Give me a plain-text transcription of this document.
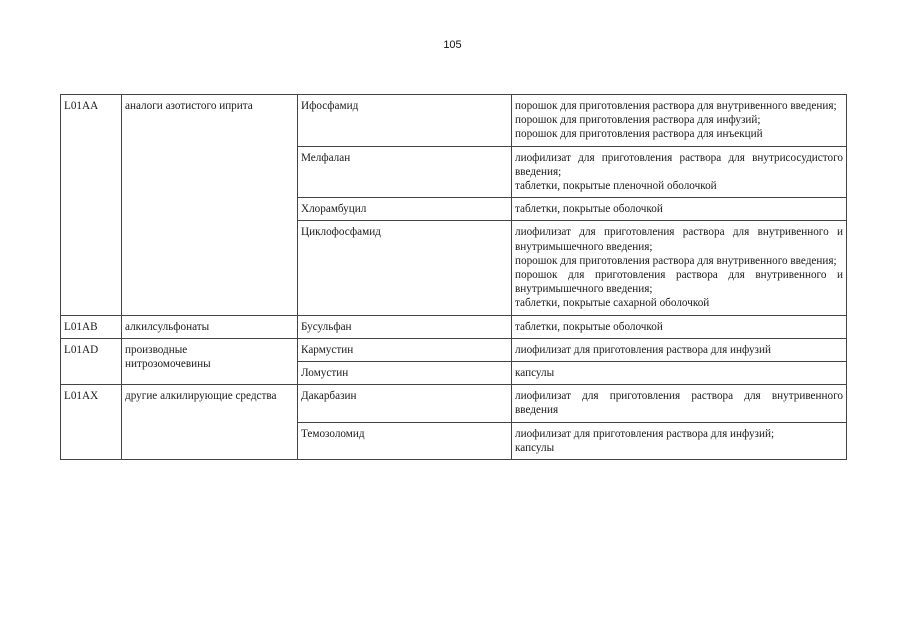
105
L01AA	аналоги азотистого иприта	Ифосфамид	порошок для приготовления раствора для внутривенного введения;
порошок для приготовления раствора для инфузий;
порошок для приготовления раствора для инъекций

		Мелфалан	лиофилизат для приготовления раствора для внутрисосудистого введения;
таблетки, покрытые пленочной оболочкой

		Хлорамбуцил	таблетки, покрытые оболочкой

		Циклофосфамид	лиофилизат для приготовления раствора для внутривенного и внутримышечного введения;
порошок для приготовления раствора для внутривенного введения;
порошок для приготовления раствора для внутривенного и внутримышечного введения;
таблетки, покрытые сахарной оболочкой

L01AB	алкилсульфонаты	Бусульфан	таблетки, покрытые оболочкой

L01AD	производные
нитрозомочевины	Кармустин	лиофилизат для приготовления раствора для инфузий

		Ломустин	капсулы

L01AX	другие алкилирующие средства	Дакарбазин	лиофилизат для приготовления раствора для внутривенного введения

		Темозоломид	лиофилизат для приготовления раствора для инфузий;
капсулы
